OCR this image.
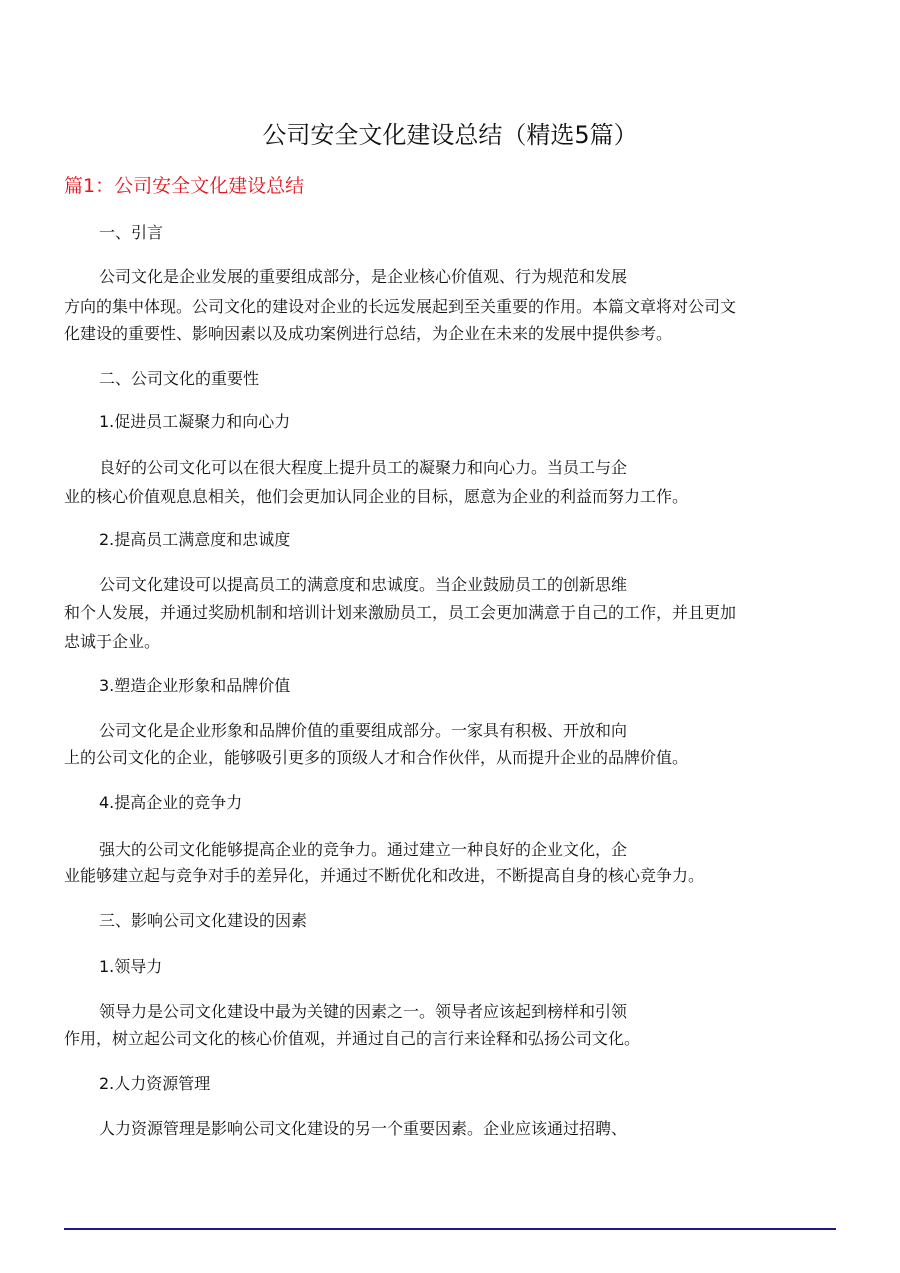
公司安全文化建设总结（精选5篇）
篇1：公司安全文化建设总结
一、引言
公司文化是企业发展的重要组成部分，是企业核心价值观、行为规范和发展
方向的集中体现。公司文化的建设对企业的长远发展起到至关重要的作用。本篇文章将对公司文
化建设的重要性、影响因素以及成功案例进行总结，为企业在未来的发展中提供参考。
二、公司文化的重要性
1.促进员工凝聚力和向心力
良好的公司文化可以在很大程度上提升员工的凝聚力和向心力。当员工与企
业的核心价值观息息相关，他们会更加认同企业的目标，愿意为企业的利益而努力工作。
2.提高员工满意度和忠诚度
公司文化建设可以提高员工的满意度和忠诚度。当企业鼓励员工的创新思维
和个人发展，并通过奖励机制和培训计划来激励员工，员工会更加满意于自己的工作，并且更加
忠诚于企业。
3.塑造企业形象和品牌价值
公司文化是企业形象和品牌价值的重要组成部分。一家具有积极、开放和向
上的公司文化的企业，能够吸引更多的顶级人才和合作伙伴，从而提升企业的品牌价值。
4.提高企业的竞争力
强大的公司文化能够提高企业的竞争力。通过建立一种良好的企业文化，企
业能够建立起与竞争对手的差异化，并通过不断优化和改进，不断提高自身的核心竞争力。
三、影响公司文化建设的因素
1.领导力
领导力是公司文化建设中最为关键的因素之一。领导者应该起到榜样和引领
作用，树立起公司文化的核心价值观，并通过自己的言行来诠释和弘扬公司文化。
2.人力资源管理
人力资源管理是影响公司文化建设的另一个重要因素。企业应该通过招聘、
